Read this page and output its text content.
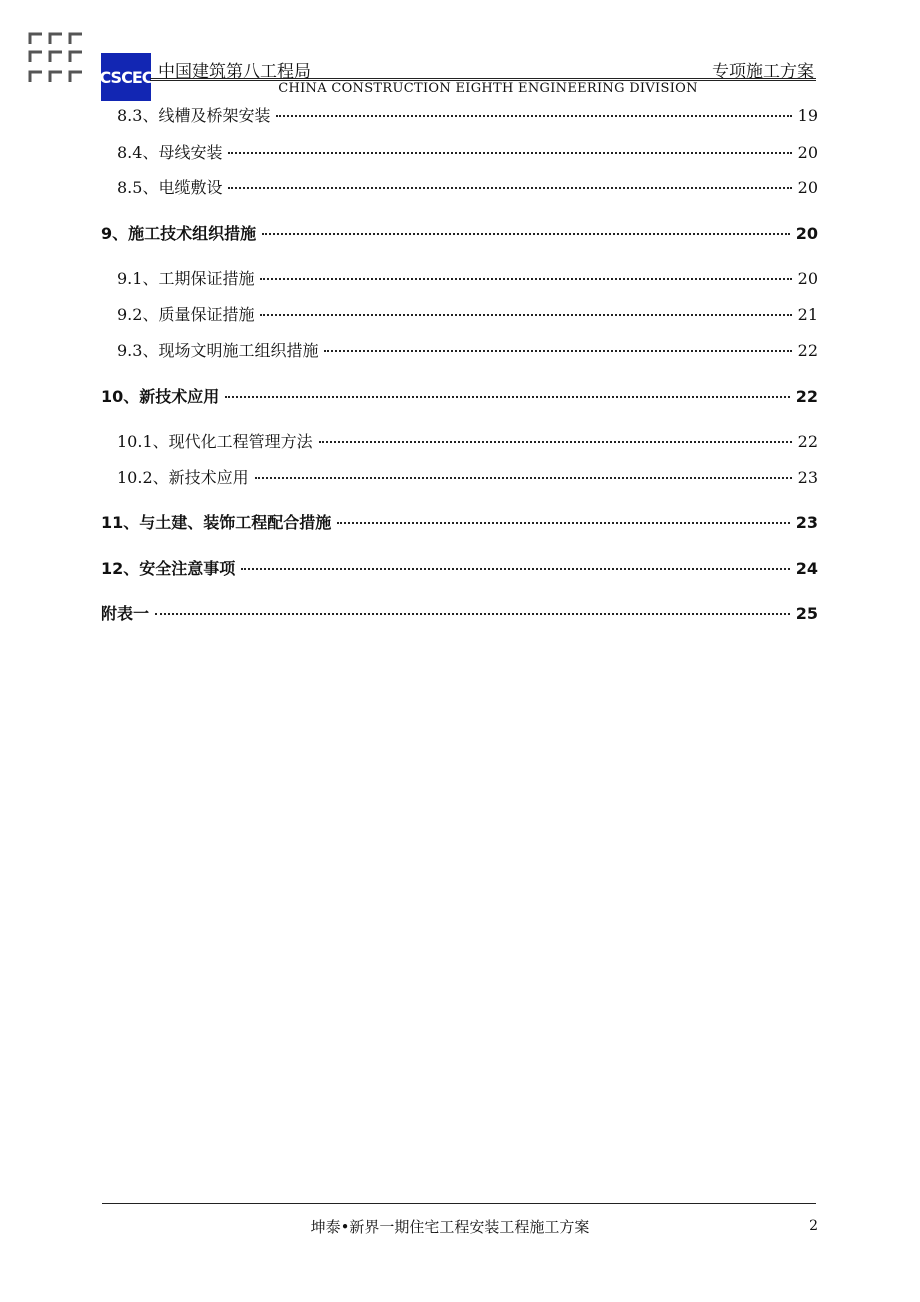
CSCEC 中国建筑第八工程局	专项施工方案
CHINA CONSTRUCTION EIGHTH ENGINEERING DIVISION
8.3、线槽及桥架安装	19
8.4、母线安装	20
8.5、电缆敷设	20
9、施工技术组织措施	20
9.1、工期保证措施	20
9.2、质量保证措施	21
9.3、现场文明施工组织措施	22
10、新技术应用	22
10.1、现代化工程管理方法	22
10.2、新技术应用	23
11、与土建、装饰工程配合措施	23
12、安全注意事项	24
附表一	25
坤泰•新界一期住宅工程安装工程施工方案	2
